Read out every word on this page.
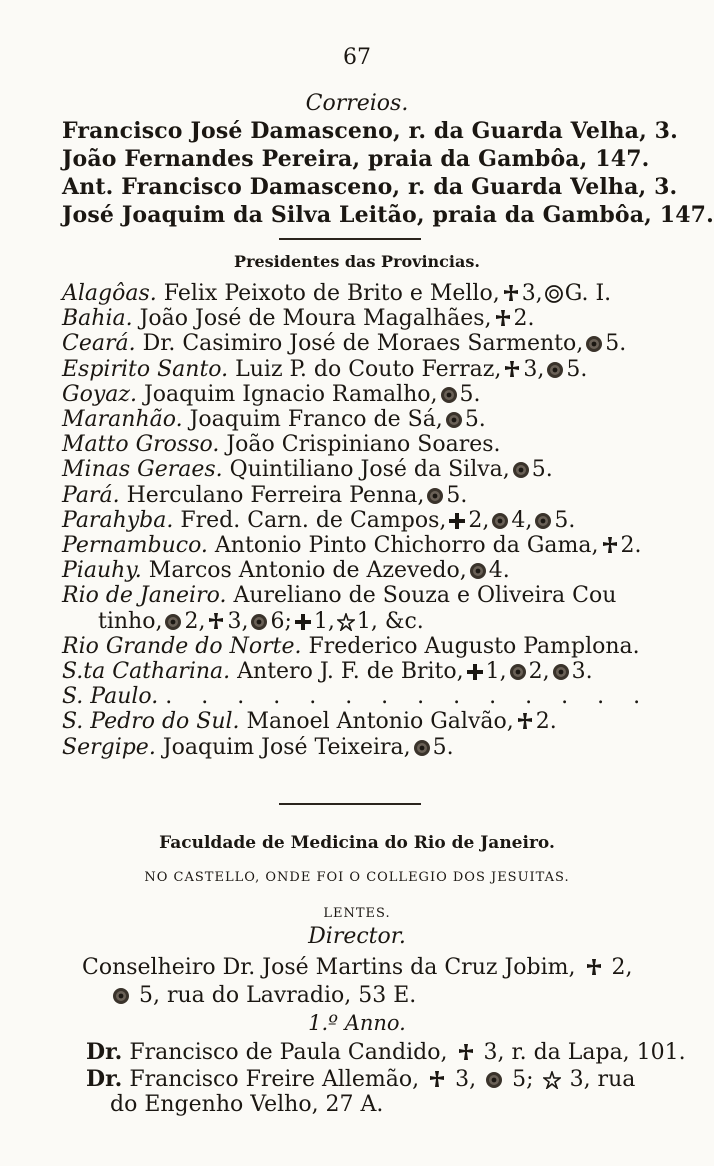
67
Correios.
Francisco José Damasceno, r. da Guarda Velha, 3.
João Fernandes Pereira, praia da Gambôa, 147.
Ant. Francisco Damasceno, r. da Guarda Velha, 3.
José Joaquim da Silva Leitão, praia da Gambôa, 147.
Presidentes das Provincias.
Alagôas. Felix Peixoto de Brito e Mello, 3, G. I.
Bahia. João José de Moura Magalhães, 2.
Ceará. Dr. Casimiro José de Moraes Sarmento, 5.
Espirito Santo. Luiz P. do Couto Ferraz, 3, 5.
Goyaz. Joaquim Ignacio Ramalho, 5.
Maranhão. Joaquim Franco de Sá, 5.
Matto Grosso. João Crispiniano Soares.
Minas Geraes. Quintiliano José da Silva, 5.
Pará. Herculano Ferreira Penna, 5.
Parahyba. Fred. Carn. de Campos, 2, 4, 5.
Pernambuco. Antonio Pinto Chichorro da Gama, 2.
Piauhy. Marcos Antonio de Azevedo, 4.
Rio de Janeiro. Aureliano de Souza e Oliveira Cou
tinho, 2, 3, 6; 1, 1, &c.
Rio Grande do Norte. Frederico Augusto Pamplona.
S.ta Catharina. Antero J. F. de Brito, 1, 2, 3.
S. Paulo. . . . . . . . . . . . . . .
S. Pedro do Sul. Manoel Antonio Galvão, 2.
Sergipe. Joaquim José Teixeira, 5.
Faculdade de Medicina do Rio de Janeiro.
NO CASTELLO, ONDE FOI O COLLEGIO DOS JESUITAS.
LENTES.
Director.
Conselheiro Dr. José Martins da Cruz Jobim, 2,
5, rua do Lavradio, 53 E.
1.º Anno.
Dr. Francisco de Paula Candido, 3, r. da Lapa, 101.
Dr. Francisco Freire Allemão, 3, 5; 3, rua
do Engenho Velho, 27 A.
